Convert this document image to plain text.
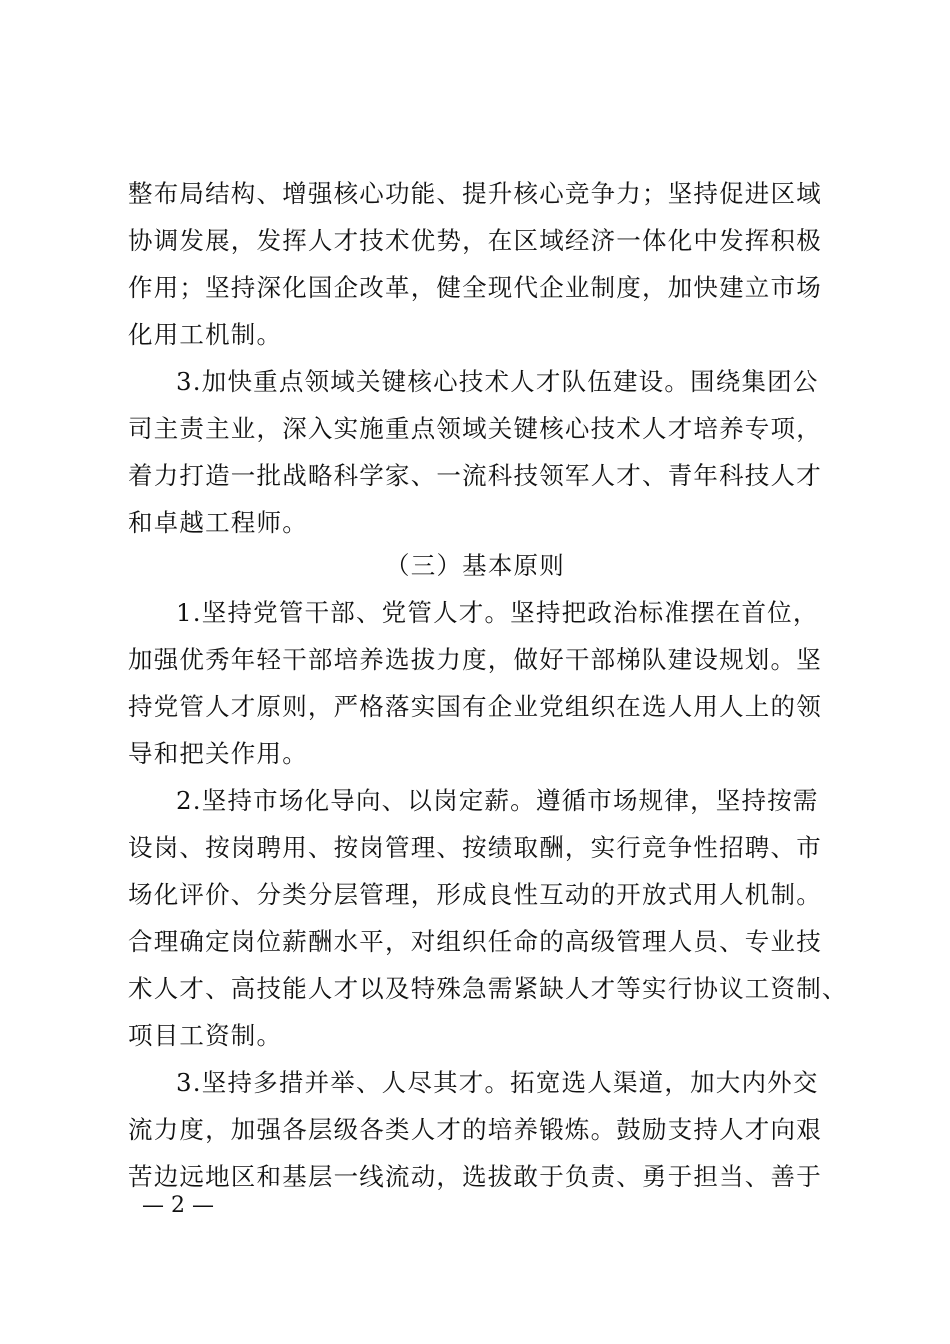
整布局结构、增强核心功能、提升核心竞争力；坚持促进区域
协调发展，发挥人才技术优势，在区域经济一体化中发挥积极
作用；坚持深化国企改革，健全现代企业制度，加快建立市场
化用工机制。
3.加快重点领域关键核心技术人才队伍建设。围绕集团公
司主责主业，深入实施重点领域关键核心技术人才培养专项，
着力打造一批战略科学家、一流科技领军人才、青年科技人才
和卓越工程师。
（三）基本原则
1.坚持党管干部、党管人才。坚持把政治标准摆在首位，
加强优秀年轻干部培养选拔力度，做好干部梯队建设规划。坚
持党管人才原则，严格落实国有企业党组织在选人用人上的领
导和把关作用。
2.坚持市场化导向、以岗定薪。遵循市场规律，坚持按需
设岗、按岗聘用、按岗管理、按绩取酬，实行竞争性招聘、市
场化评价、分类分层管理，形成良性互动的开放式用人机制。
合理确定岗位薪酬水平，对组织任命的高级管理人员、专业技
术人才、高技能人才以及特殊急需紧缺人才等实行协议工资制、
项目工资制。
3.坚持多措并举、人尽其才。拓宽选人渠道，加大内外交
流力度，加强各层级各类人才的培养锻炼。鼓励支持人才向艰
苦边远地区和基层一线流动，选拔敢于负责、勇于担当、善于
— 2 —
